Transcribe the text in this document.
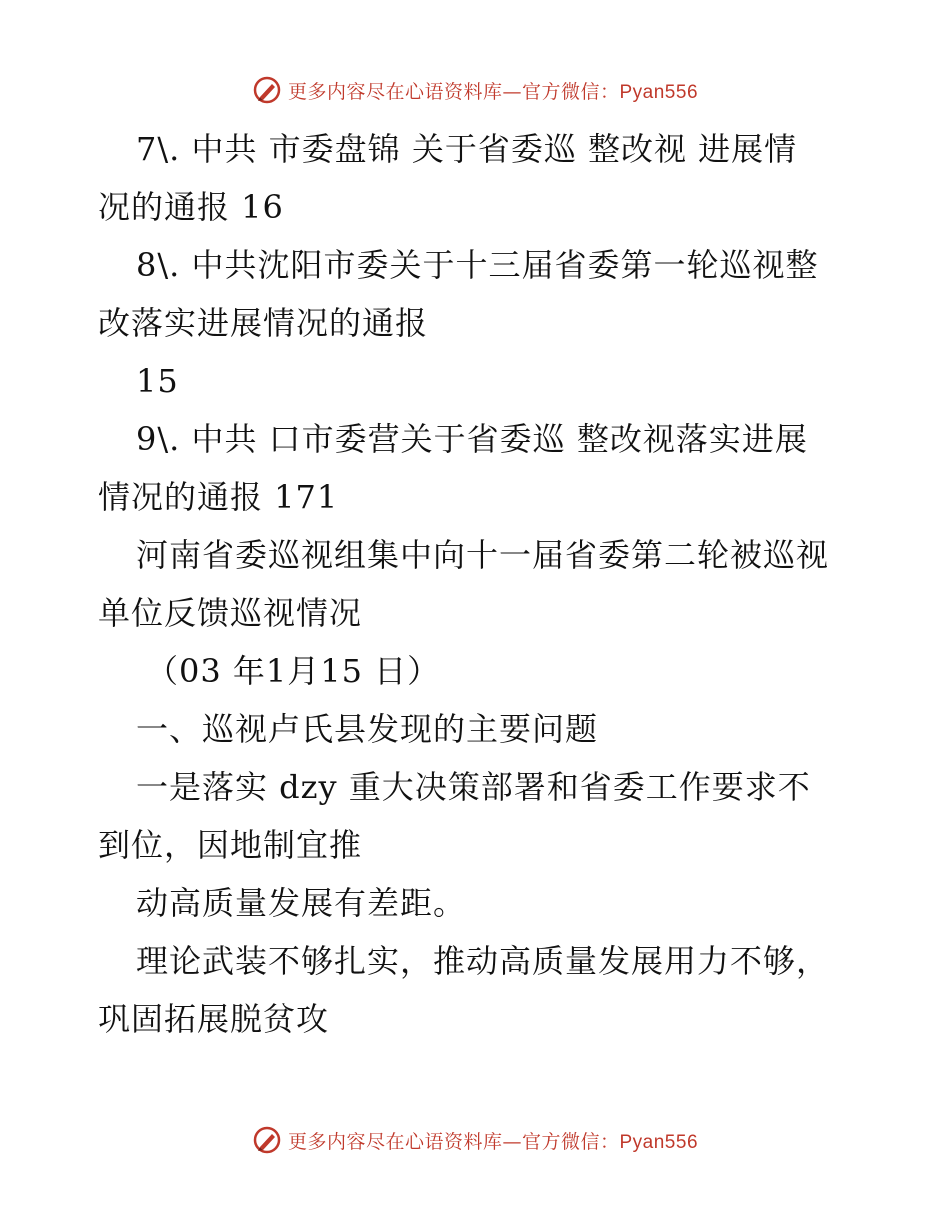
更多内容尽在心语资料库—官方微信：Pyan556
7\. 中共 市委盘锦 关于省委巡 整改视 进展情
况的通报 16
8\. 中共沈阳市委关于十三届省委第一轮巡视整
改落实进展情况的通报
15
9\. 中共 口市委营关于省委巡 整改视落实进展
情况的通报 171
河南省委巡视组集中向十一届省委第二轮被巡视
单位反馈巡视情况
（03 年1月15 日）
一、巡视卢氏县发现的主要问题
一是落实 dzy 重大决策部署和省委工作要求不
到位，因地制宜推
动高质量发展有差距。
理论武装不够扎实，推动高质量发展用力不够，
巩固拓展脱贫攻
更多内容尽在心语资料库—官方微信：Pyan556
